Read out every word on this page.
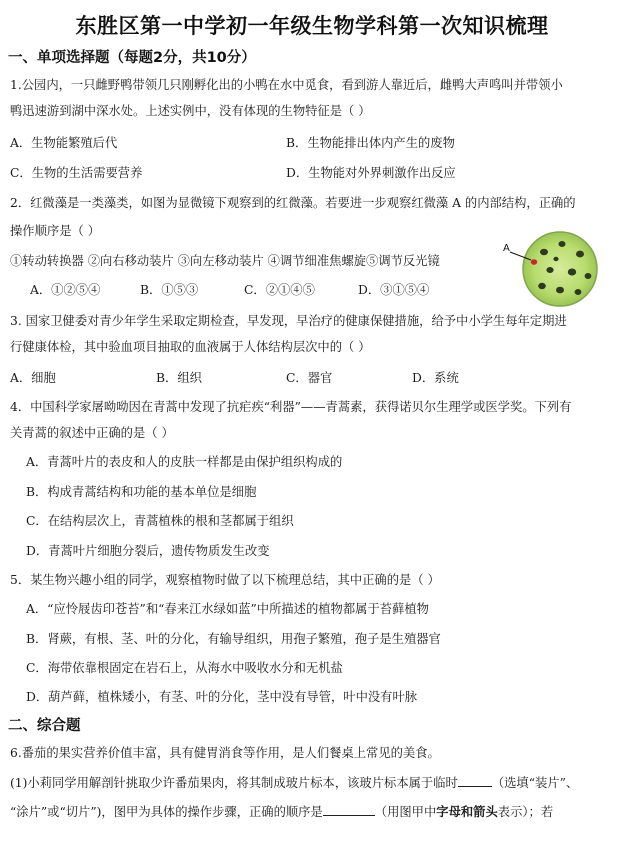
东胜区第一中学初一年级生物学科第一次知识梳理
一、单项选择题（每题2分，共10分）
1.公园内，一只雌野鸭带领几只刚孵化出的小鸭在水中觅食，看到游人靠近后，雌鸭大声鸣叫并带领小
鸭迅速游到湖中深水处。上述实例中，没有体现的生物特征是（ ）
A．生物能繁殖后代	B．生物能排出体内产生的废物
C．生物的生活需要营养	D．生物能对外界刺激作出反应
2．红微藻是一类藻类，如图为显微镜下观察到的红微藻。若要进一步观察红微藻 A 的内部结构，正确的
操作顺序是（ ）
①转动转换器 ②向右移动装片 ③向左移动装片 ④调节细准焦螺旋⑤调节反光镜
A．①②⑤④	B．①⑤③	C．②①④⑤	D．③①⑤④
A
3. 国家卫健委对青少年学生采取定期检查，早发现，早治疗的健康保健措施，给予中小学生每年定期进
行健康体检，其中验血项目抽取的血液属于人体结构层次中的（ ）
A．细胞	B．组织	C．器官	D．系统
4．中国科学家屠呦呦因在青蒿中发现了抗疟疾“利器”——青蒿素，获得诺贝尔生理学或医学奖。下列有
关青蒿的叙述中正确的是（ ）
A．青蒿叶片的表皮和人的皮肤一样都是由保护组织构成的
B．构成青蒿结构和功能的基本单位是细胞
C．在结构层次上，青蒿植株的根和茎都属于组织
D．青蒿叶片细胞分裂后，遗传物质发生改变
5．某生物兴趣小组的同学，观察植物时做了以下梳理总结，其中正确的是（ ）
A．“应怜屐齿印苍苔”和“春来江水绿如蓝”中所描述的植物都属于苔藓植物
B．肾蕨，有根、茎、叶的分化，有输导组织，用孢子繁殖，孢子是生殖器官
C．海带依靠根固定在岩石上，从海水中吸收水分和无机盐
D．葫芦藓，植株矮小，有茎、叶的分化，茎中没有导管，叶中没有叶脉
二、综合题
6.番茄的果实营养价值丰富，具有健胃消食等作用，是人们餐桌上常见的美食。
(1)小莉同学用解剖针挑取少许番茄果肉，将其制成玻片标本，该玻片标本属于临时	（选填“装片”、
“涂片”或“切片”)，图甲为具体的操作步骤，正确的顺序是	（用图甲中字母和箭头表示）；若
